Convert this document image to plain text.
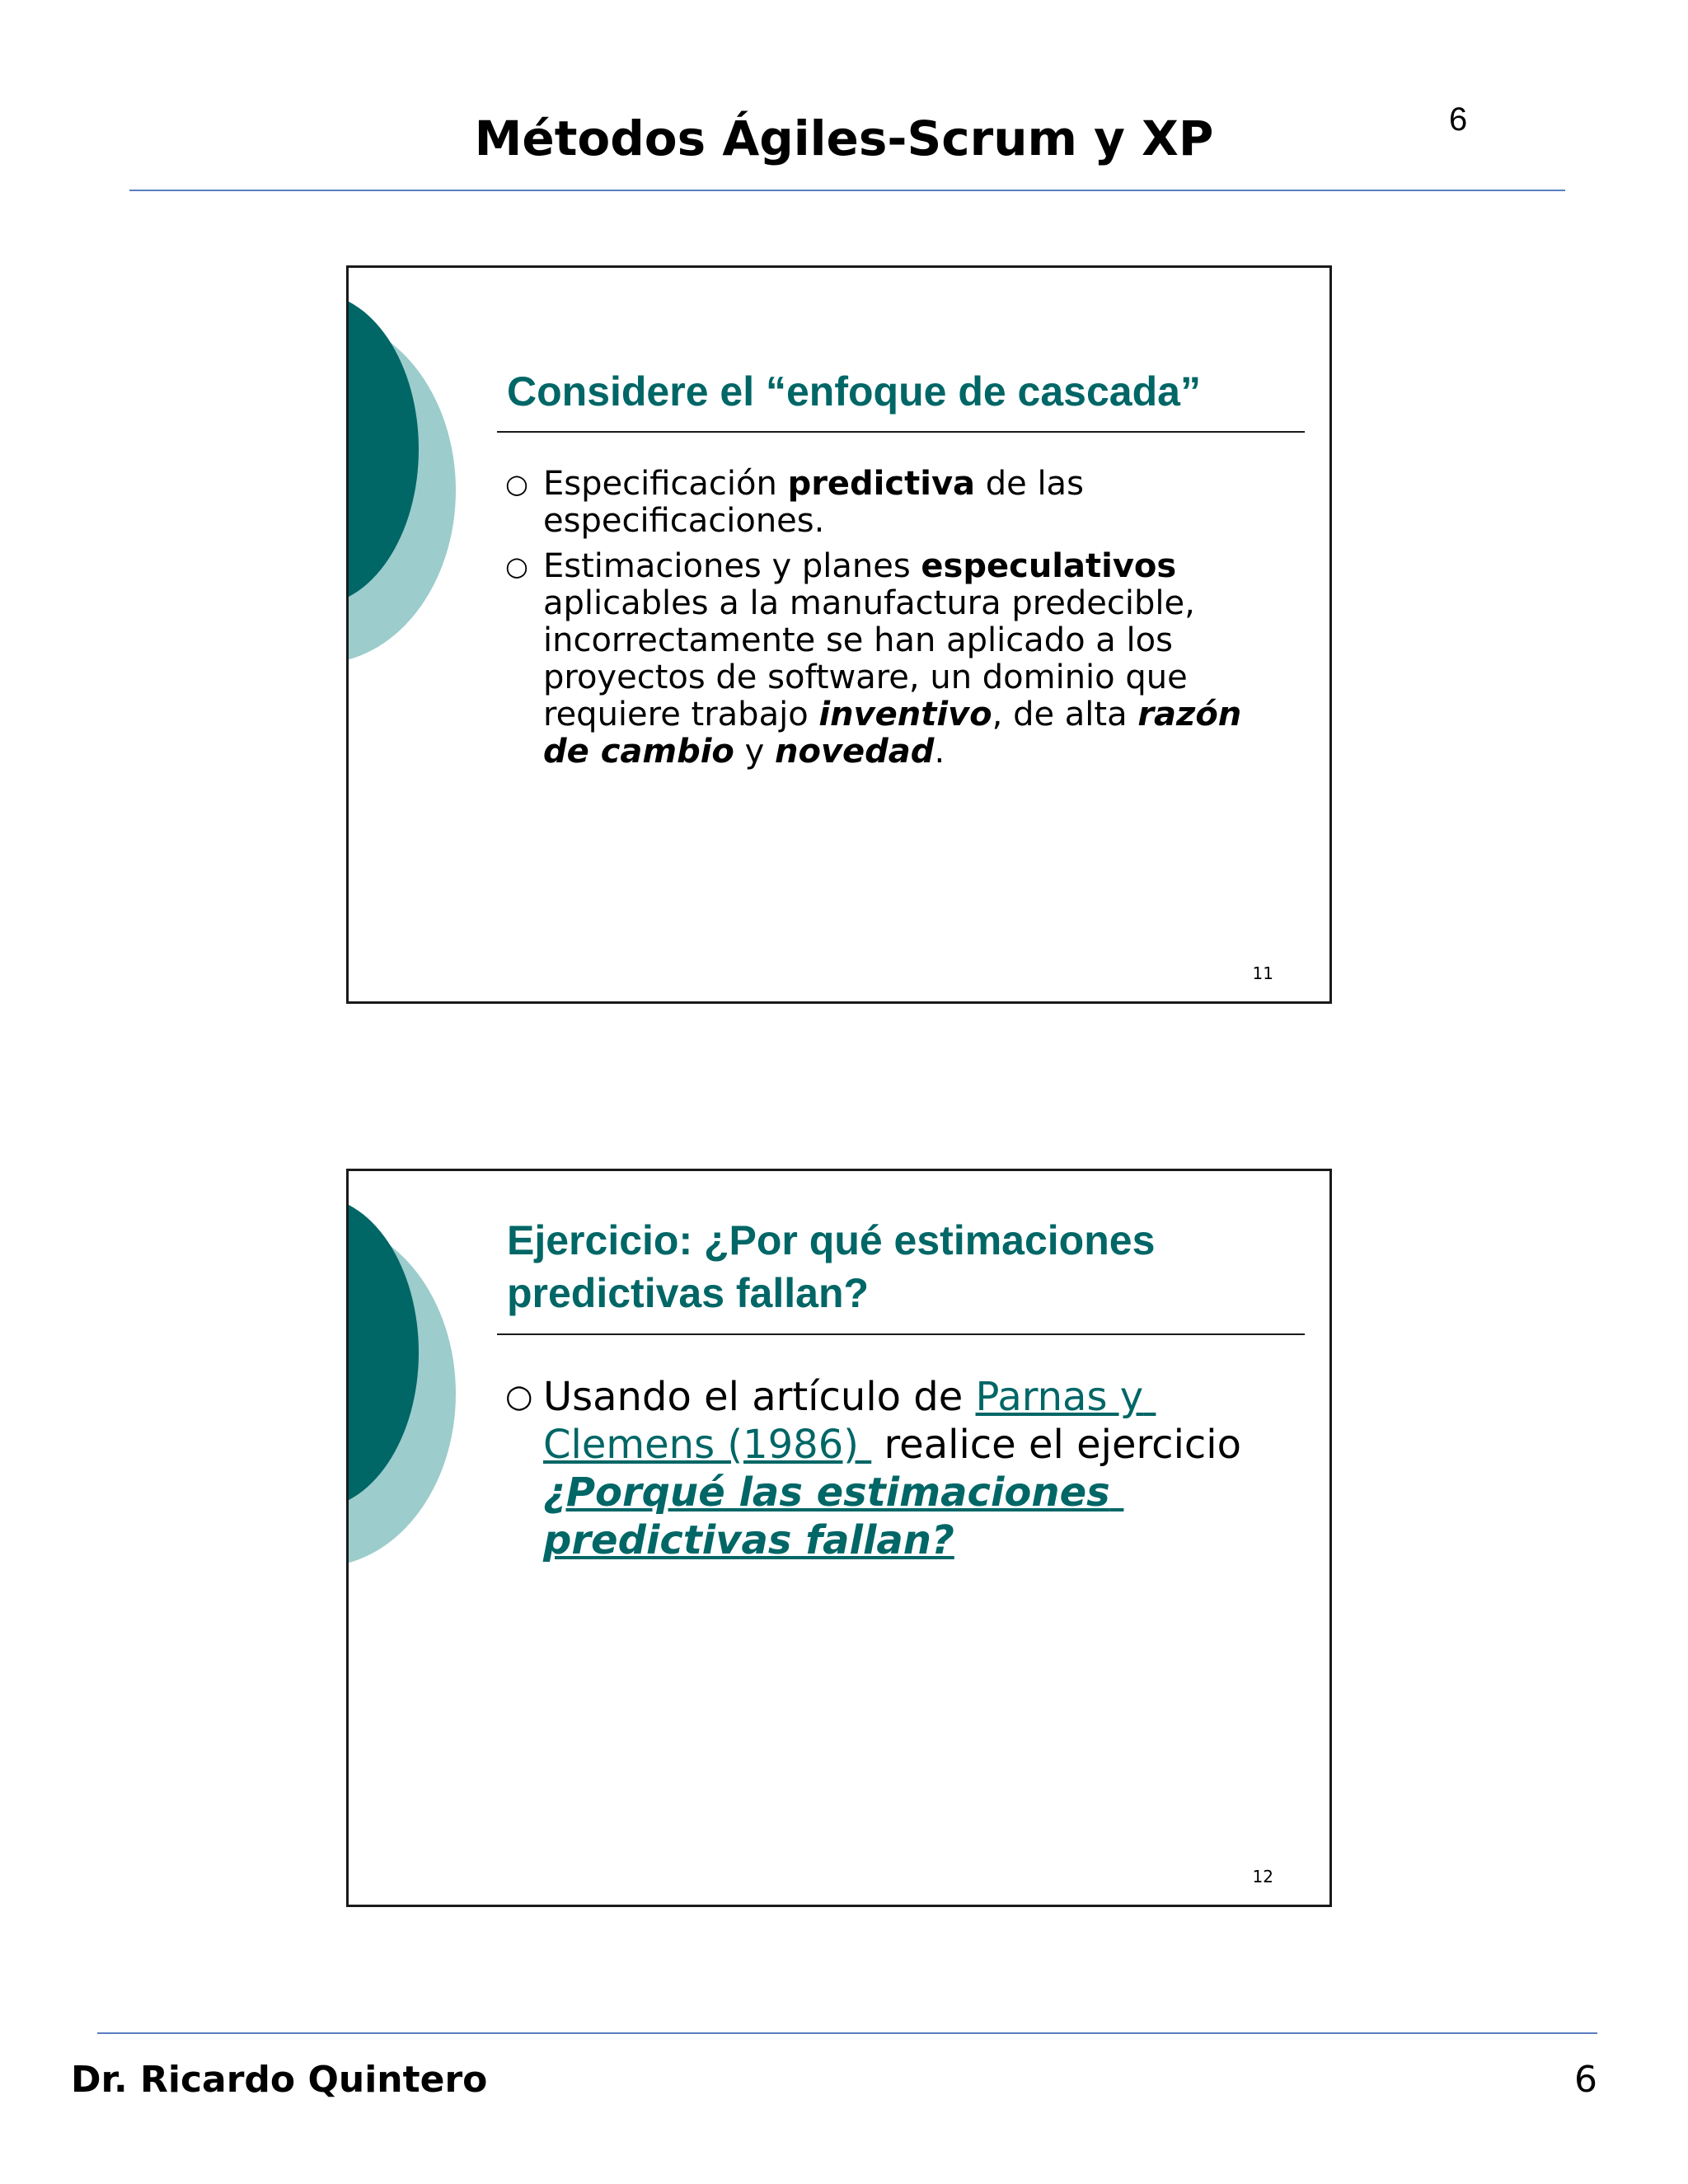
Métodos Ágiles-Scrum y XP	6
Considere el “enfoque de cascada”
○ Especificación predictiva de las especificaciones.
○ Estimaciones y planes especulativos aplicables a la manufactura predecible, incorrectamente se han aplicado a los proyectos de software, un dominio que requiere trabajo inventivo, de alta razón de cambio y novedad.
11
Ejercicio: ¿Por qué estimaciones predictivas fallan?
○ Usando el artículo de Parnas y Clemens (1986)  realice el ejercicio ¿Porqué las estimaciones predictivas fallan?
12
Dr. Ricardo Quintero	6
